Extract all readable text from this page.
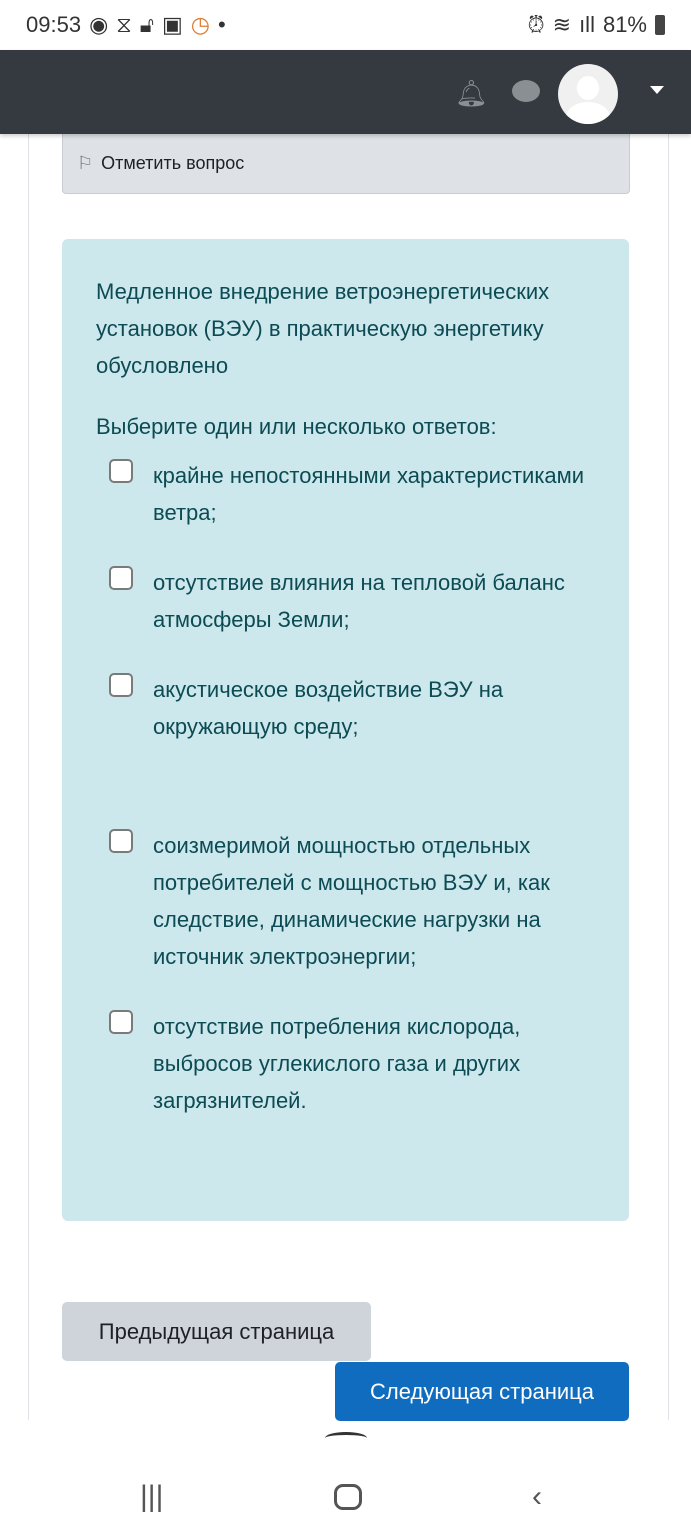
09:53 ◉ ⧖ 🔓︎ ▣ ◷ •	⏰︎ ≋ ıll 81%
🔔︎
⚐ Отметить вопрос
Медленное внедрение ветроэнергетических установок (ВЭУ) в практическую энергетику обусловлено
Выберите один или несколько ответов:
крайне непостоянными характеристиками ветра;
отсутствие влияния на тепловой баланс атмосферы Земли;
акустическое воздействие ВЭУ на окружающую среду;
соизмеримой мощностью отдельных потребителей с мощностью ВЭУ и, как следствие, динамические нагрузки на источник электроэнергии;
отсутствие потребления кислорода, выбросов углекислого газа и других загрязнителей.
Предыдущая страница
Следующая страница
|||	‹
